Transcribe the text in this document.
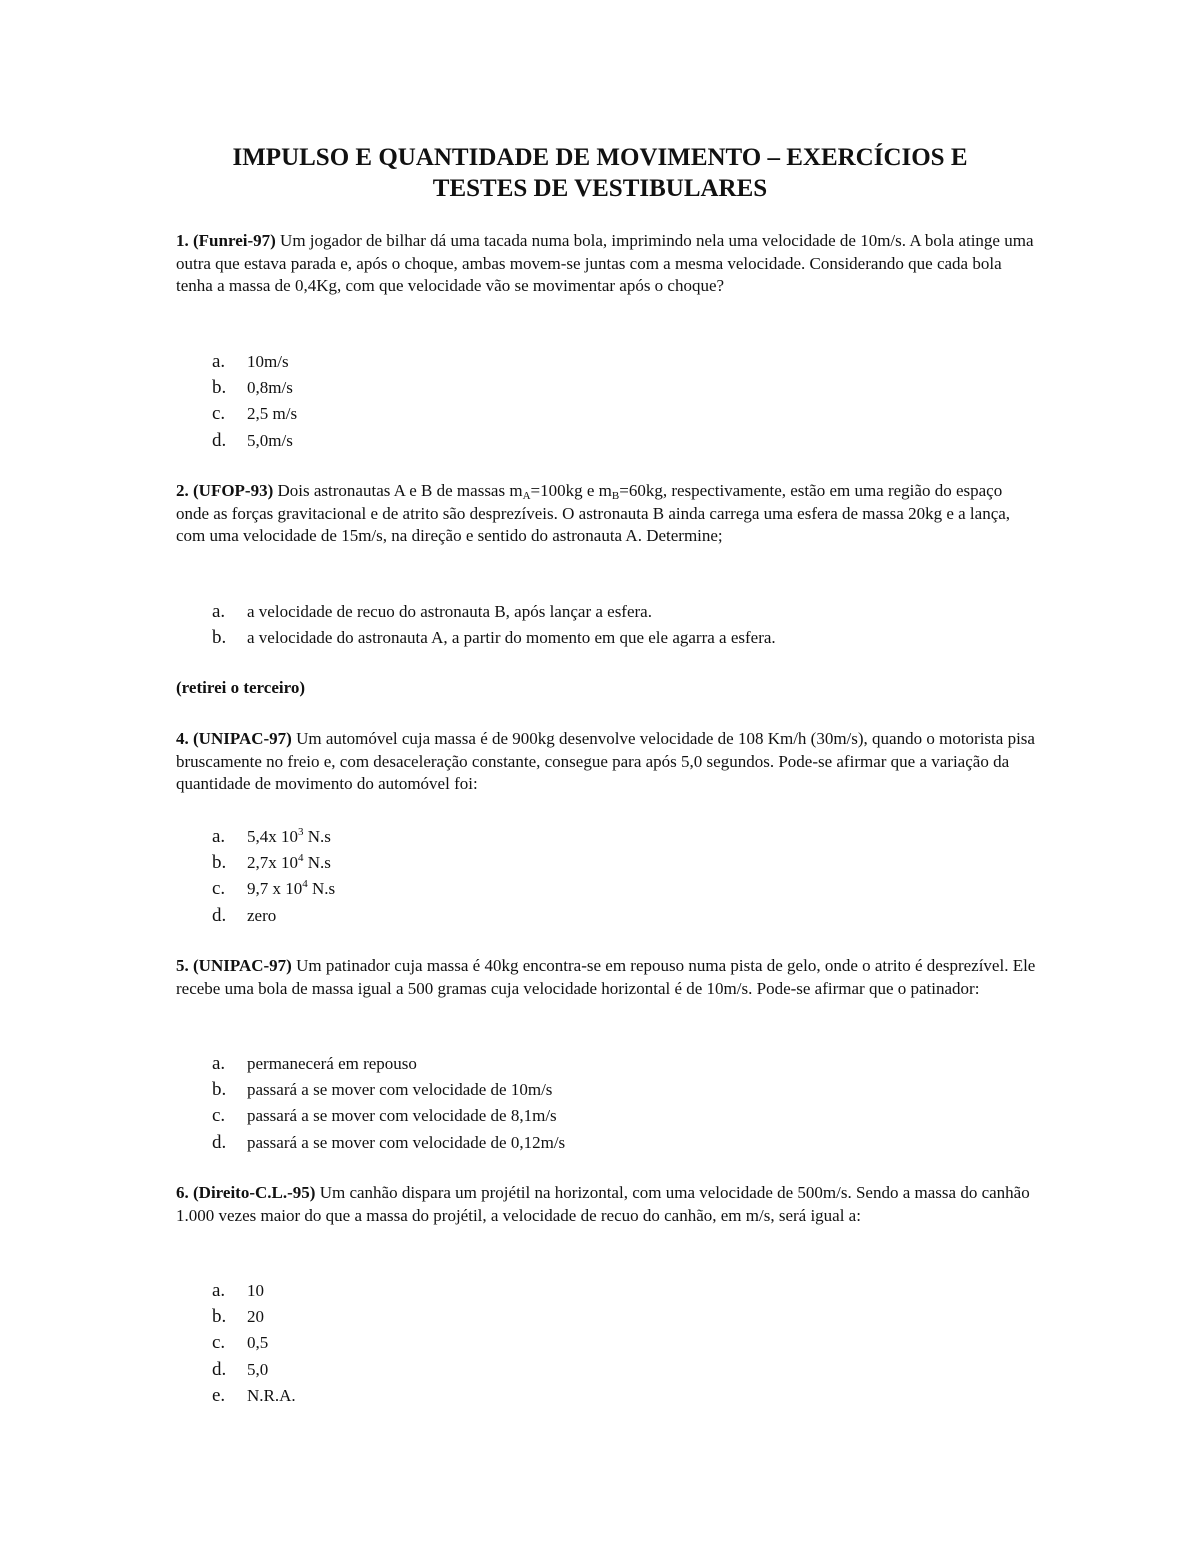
IMPULSO E QUANTIDADE DE MOVIMENTO – EXERCÍCIOS E
TESTES DE VESTIBULARES

1. (Funrei-97) Um jogador de bilhar dá uma tacada numa bola, imprimindo nela uma velocidade de 10m/s. A bola atinge uma outra que estava parada e, após o choque, ambas movem-se juntas com a mesma velocidade. Considerando que cada bola tenha a massa de 0,4Kg, com que velocidade vão se movimentar após o choque?

a.	10m/s
b.	0,8m/s
c.	2,5 m/s
d.	5,0m/s

2. (UFOP-93) Dois astronautas A e B de massas $m_A=100kg$ e $m_B=60kg$, respectivamente, estão em uma região do espaço onde as forças gravitacional e de atrito são desprezíveis. O astronauta B ainda carrega uma esfera de massa 20kg e a lança, com uma velocidade de 15m/s, na direção e sentido do astronauta A. Determine;

a.	a velocidade de recuo do astronauta B, após lançar a esfera.
b.	a velocidade do astronauta A, a partir do momento em que ele agarra a esfera.

(retirei o terceiro)

4. (UNIPAC-97) Um automóvel cuja massa é de 900kg desenvolve velocidade de 108 Km/h (30m/s), quando o motorista pisa bruscamente no freio e, com desaceleração constante, consegue para após 5,0 segundos. Pode-se afirmar que a variação da quantidade de movimento do automóvel foi:

a.	5,4x $10^3$ N.s
b.	2,7x $10^4$ N.s
c.	9,7 x $10^4$ N.s
d.	zero

5. (UNIPAC-97) Um patinador cuja massa é 40kg encontra-se em repouso numa pista de gelo, onde o atrito é desprezível. Ele recebe uma bola de massa igual a 500 gramas cuja velocidade horizontal é de 10m/s. Pode-se afirmar que o patinador:

a.	permanecerá em repouso
b.	passará a se mover com velocidade de 10m/s
c.	passará a se mover com velocidade de 8,1m/s
d.	passará a se mover com velocidade de 0,12m/s

6. (Direito-C.L.-95) Um canhão dispara um projétil na horizontal, com uma velocidade de 500m/s. Sendo a massa do canhão 1.000 vezes maior do que a massa do projétil, a velocidade de recuo do canhão, em m/s, será igual a:

a.	10
b.	20
c.	0,5
d.	5,0
e.	N.R.A.
